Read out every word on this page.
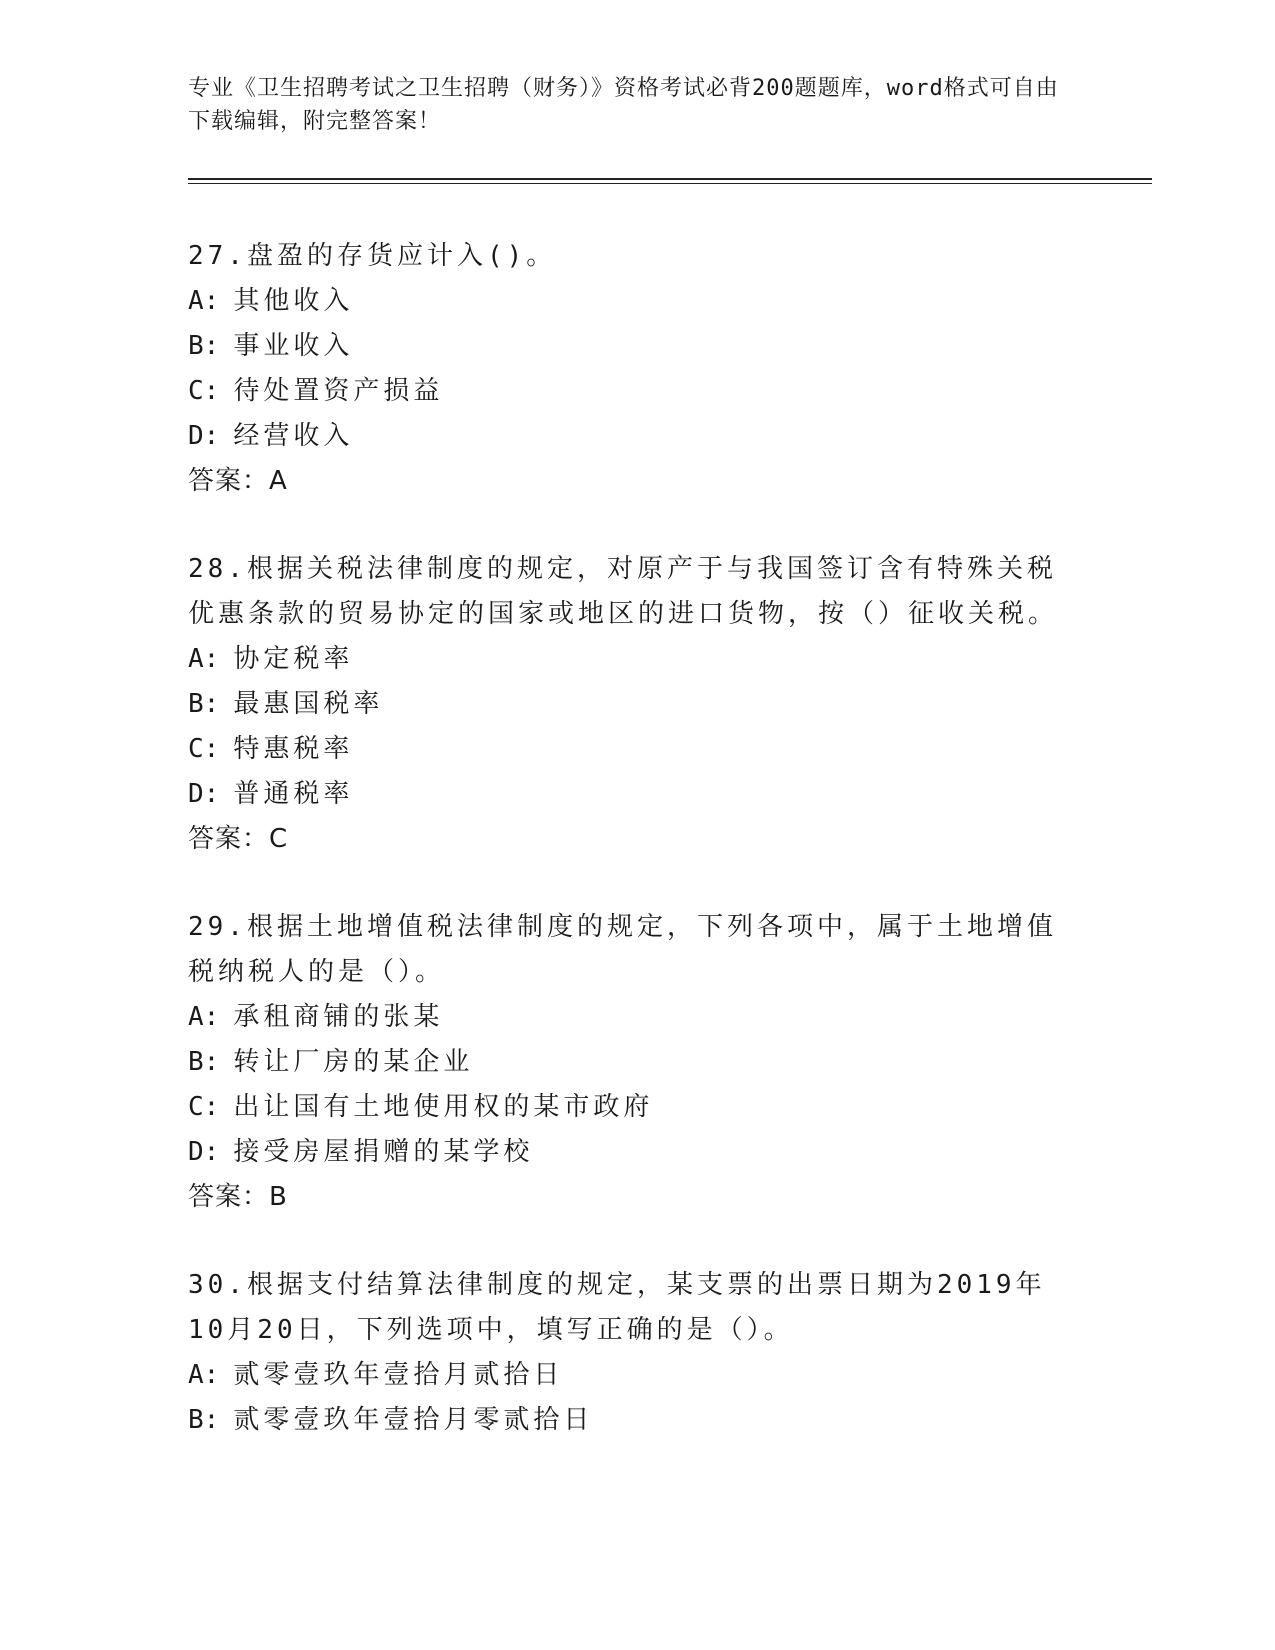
专业《卫生招聘考试之卫生招聘（财务）》资格考试必背200题题库，word格式可自由下载编辑，附完整答案！

27.盘盈的存货应计入()。

A: 其他收入
B: 事业收入
C: 待处置资产损益
D: 经营收入
答案：A

28.根据关税法律制度的规定，对原产于与我国签订含有特殊关税优惠条款的贸易协定的国家或地区的进口货物，按（）征收关税。

A: 协定税率
B: 最惠国税率
C: 特惠税率
D: 普通税率
答案：C

29.根据土地增值税法律制度的规定，下列各项中，属于土地增值税纳税人的是（）。

A: 承租商铺的张某
B: 转让厂房的某企业
C: 出让国有土地使用权的某市政府
D: 接受房屋捐赠的某学校
答案：B

30.根据支付结算法律制度的规定，某支票的出票日期为2019年10月20日，下列选项中，填写正确的是（）。

A: 贰零壹玖年壹拾月贰拾日
B: 贰零壹玖年壹拾月零贰拾日
